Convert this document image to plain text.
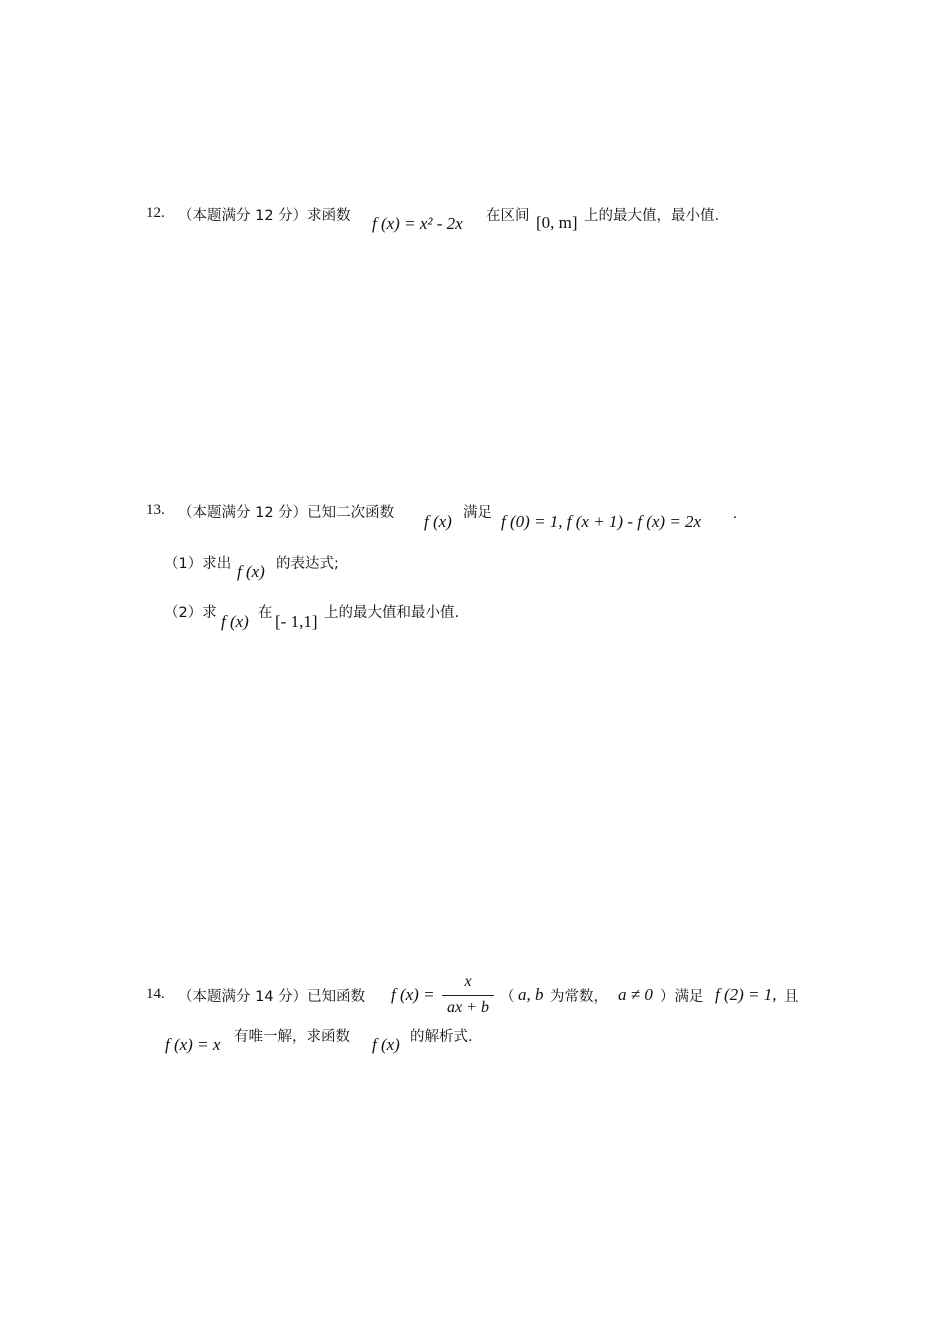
12. （本题满分 12 分）求函数 f (x) = x² - 2x 在区间 [0, m] 上的最大值，最小值.
13. （本题满分 12 分）已知二次函数 f (x) 满足 f (0) = 1, f (x + 1) - f (x) = 2x .
（1）求出 f (x) 的表达式;
（2）求 f (x) 在 [- 1,1] 上的最大值和最小值.
14. （本题满分 14 分）已知函数 f (x) =
x
ax + b
（ a, b 为常数， a ≠ 0 ）满足 f (2) = 1, 且
f (x) = x 有唯一解，求函数 f (x) 的解析式.
